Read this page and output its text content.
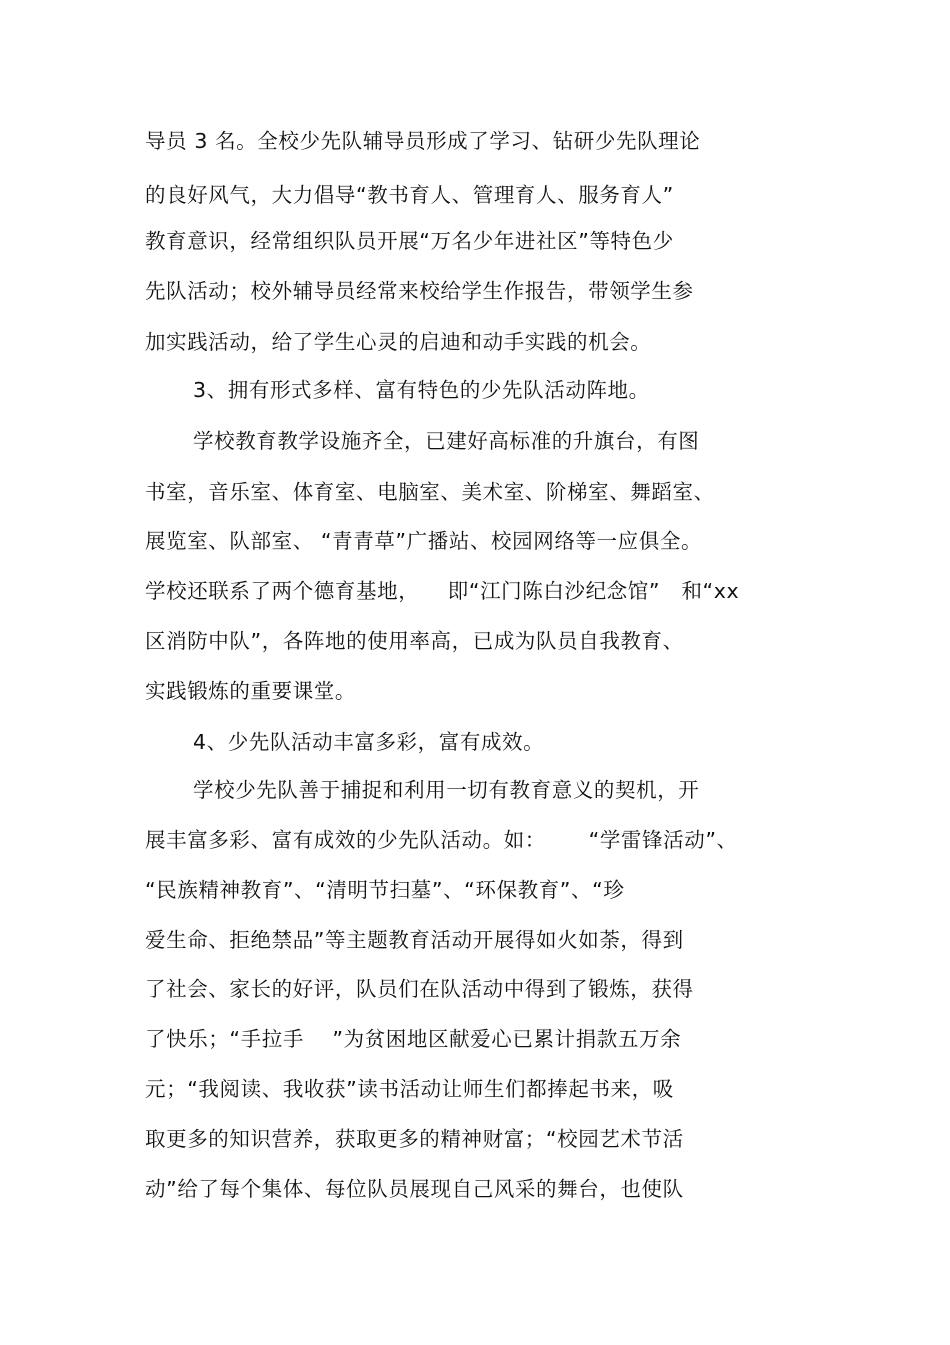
导员 3 名。全校少先队辅导员形成了学习、钻研少先队理论
的良好风气，大力倡导“教书育人、管理育人、服务育人”
教育意识，经常组织队员开展“万名少年进社区”等特色少
先队活动；校外辅导员经常来校给学生作报告，带领学生参
加实践活动，给了学生心灵的启迪和动手实践的机会。
3、拥有形式多样、富有特色的少先队活动阵地。
学校教育教学设施齐全，已建好高标准的升旗台，有图
书室，音乐室、体育室、电脑室、美术室、阶梯室、舞蹈室、
展览室、队部室、 “青青草”广播站、校园网络等一应俱全。
学校还联系了两个德育基地，    即“江门陈白沙纪念馆”   和“xx
区消防中队”，各阵地的使用率高，已成为队员自我教育、
实践锻炼的重要课堂。
4、少先队活动丰富多彩，富有成效。
学校少先队善于捕捉和利用一切有教育意义的契机，开
展丰富多彩、富有成效的少先队活动。如：      “学雷锋活动”、
“民族精神教育”、“清明节扫墓”、“环保教育”、“珍
爱生命、拒绝禁品”等主题教育活动开展得如火如荼，得到
了社会、家长的好评，队员们在队活动中得到了锻炼，获得
了快乐；“手拉手    ”为贫困地区献爱心已累计捐款五万余
元；“我阅读、我收获”读书活动让师生们都捧起书来，吸
取更多的知识营养，获取更多的精神财富；“校园艺术节活
动”给了每个集体、每位队员展现自己风采的舞台，也使队
